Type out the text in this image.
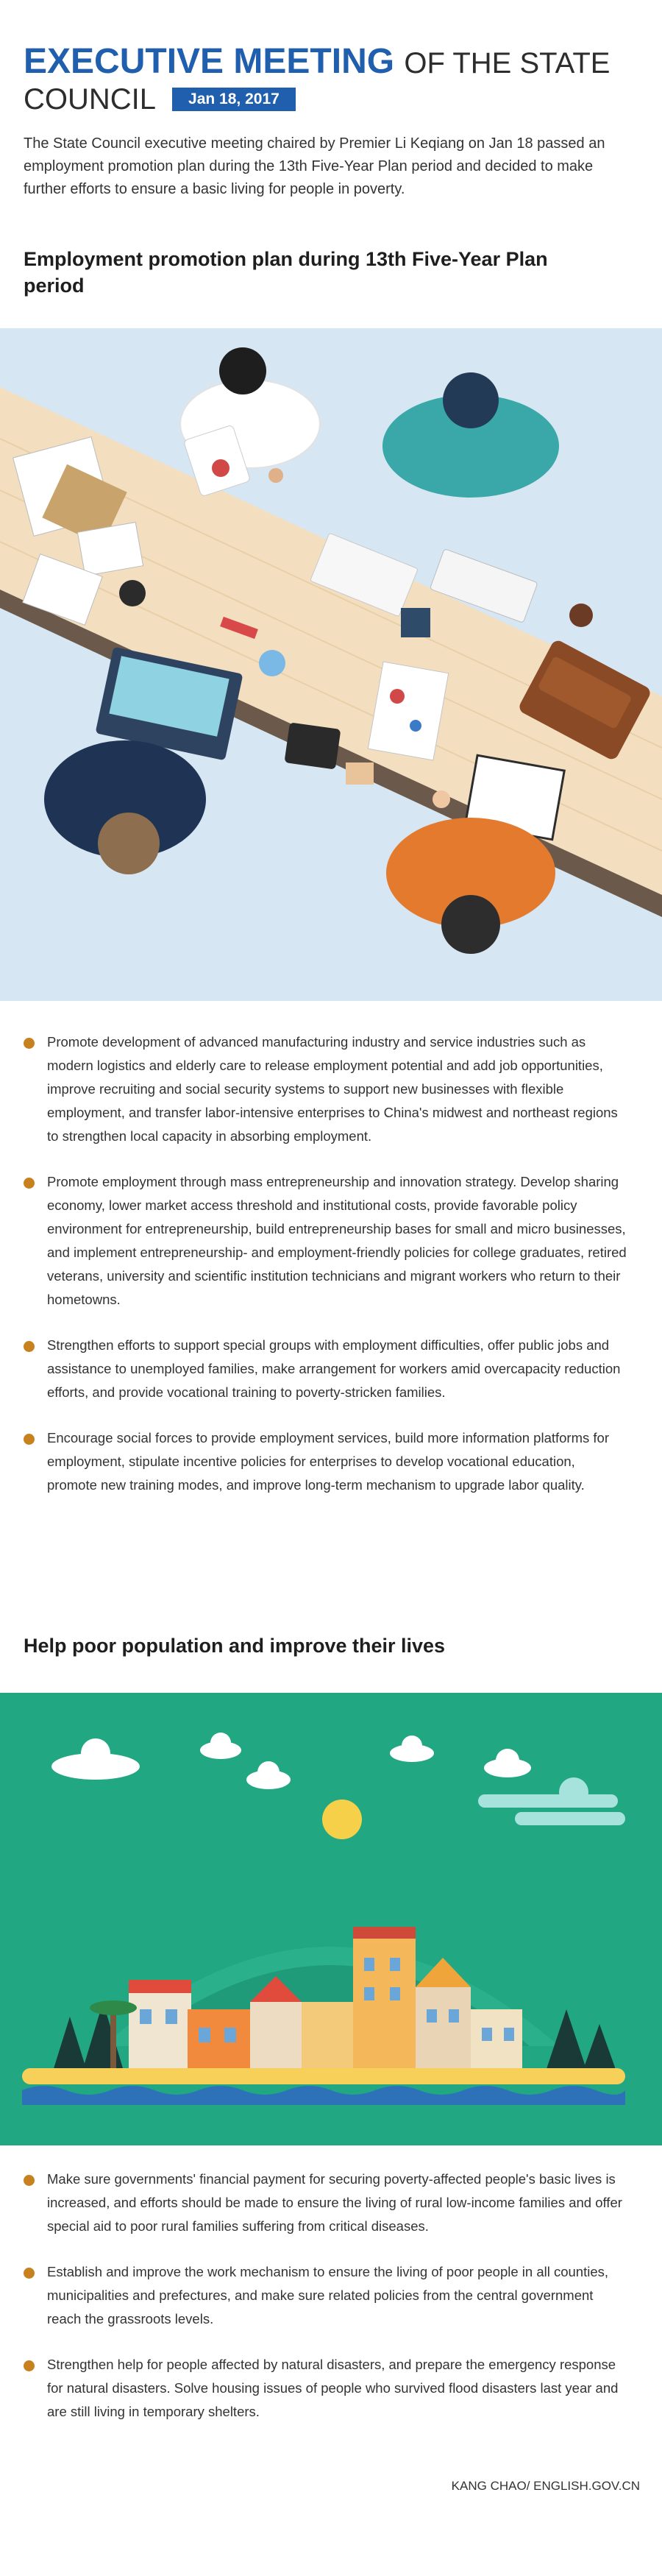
EXECUTIVE MEETING OF THE STATE
COUNCIL	Jan 18, 2017
The State Council executive meeting chaired by Premier Li Keqiang on Jan 18 passed an employment promotion plan during the 13th Five-Year Plan period and decided to make further efforts to ensure a basic living for people in poverty.
Employment promotion plan during 13th Five-Year Plan period
Promote development of advanced manufacturing industry and service industries such as modern logistics and elderly care to release employment potential and add job opportunities, improve recruiting and social security systems to support new businesses with flexible employment, and transfer labor-intensive enterprises to China's midwest and northeast regions to strengthen local capacity in absorbing employment.
Promote employment through mass entrepreneurship and innovation strategy. Develop sharing economy, lower market access threshold and institutional costs, provide favorable policy environment for entrepreneurship, build entrepreneurship bases for small and micro businesses, and implement entrepreneurship- and employment-friendly policies for college graduates, retired veterans, university and scientific institution technicians and migrant workers who return to their hometowns.
Strengthen efforts to support special groups with employment difficulties, offer public jobs and assistance to unemployed families, make arrangement for workers amid overcapacity reduction efforts, and provide vocational training to poverty-stricken families.
Encourage social forces to provide employment services, build more information platforms for employment, stipulate incentive policies for enterprises to develop vocational education, promote new training modes, and improve long-term mechanism to upgrade labor quality.
Help poor population and improve their lives
Make sure governments' financial payment for securing poverty-affected people's basic lives is increased, and efforts should be made to ensure the living of rural low-income families and offer special aid to poor rural families suffering from critical diseases.
Establish and improve the work mechanism to ensure the living of poor people in all counties, municipalities and prefectures, and make sure related policies from the central government reach the grassroots levels.
Strengthen help for people affected by natural disasters, and prepare the emergency response for natural disasters. Solve housing issues of people who survived flood disasters last year and are still living in temporary shelters.
KANG CHAO/ ENGLISH.GOV.CN
